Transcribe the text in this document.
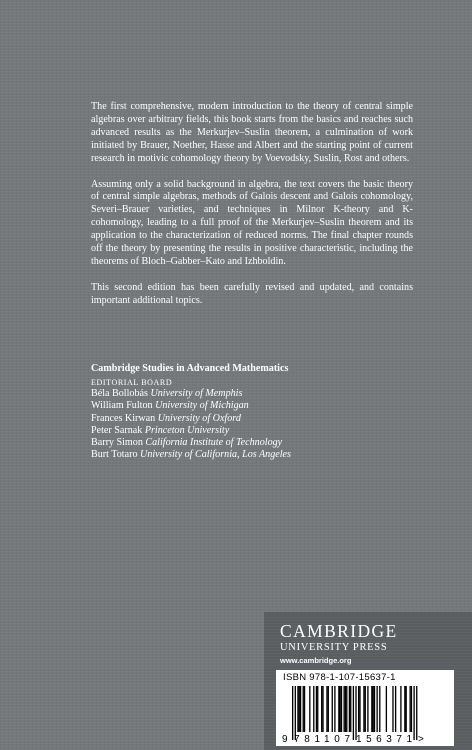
The first comprehensive, modern introduction to the theory of central simple algebras over arbitrary fields, this book starts from the basics and reaches such advanced results as the Merkurjev–Suslin theorem, a culmination of work initiated by Brauer, Noether, Hasse and Albert and the starting point of current research in motivic cohomology theory by Voevodsky, Suslin, Rost and others.

Assuming only a solid background in algebra, the text covers the basic theory of central simple algebras, methods of Galois descent and Galois cohomology, Severi–Brauer varieties, and techniques in Milnor K-theory and K-cohomology, leading to a full proof of the Merkurjev–Suslin theorem and its application to the characterization of reduced norms. The final chapter rounds off the theory by presenting the results in positive characteristic, including the theorems of Bloch–Gabber–Kato and Izhboldin.

This second edition has been carefully revised and updated, and contains important additional topics.

Cambridge Studies in Advanced Mathematics
EDITORIAL BOARD
Béla Bollobás University of Memphis
William Fulton University of Michigan
Frances Kirwan University of Oxford
Peter Sarnak Princeton University
Barry Simon California Institute of Technology
Burt Totaro University of California, Los Angeles
CAMBRIDGE
UNIVERSITY PRESS
www.cambridge.org
ISBN 978-1-107-15637-1
9 781107 156371 >
